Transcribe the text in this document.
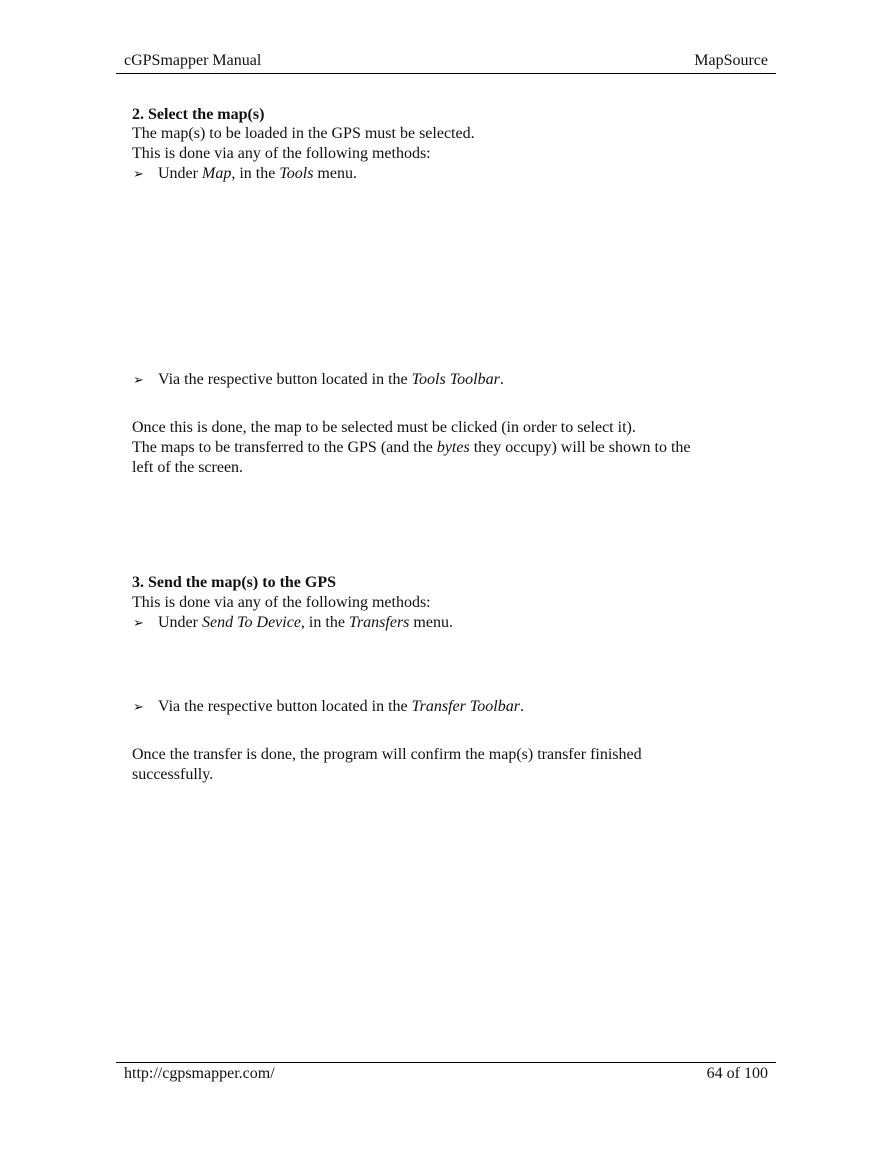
cGPSmapper Manual	MapSource
2. Select the map(s)
The map(s) to be loaded in the GPS must be selected.
This is done via any of the following methods:
➢ Under Map, in the Tools menu.
➢ Via the respective button located in the Tools Toolbar.
Once this is done, the map to be selected must be clicked (in order to select it).
The maps to be transferred to the GPS (and the bytes they occupy) will be shown to the
left of the screen.
3. Send the map(s) to the GPS
This is done via any of the following methods:
➢ Under Send To Device, in the Transfers menu.
➢ Via the respective button located in the Transfer Toolbar.
Once the transfer is done, the program will confirm the map(s) transfer finished
successfully.
http://cgpsmapper.com/	64 of 100
